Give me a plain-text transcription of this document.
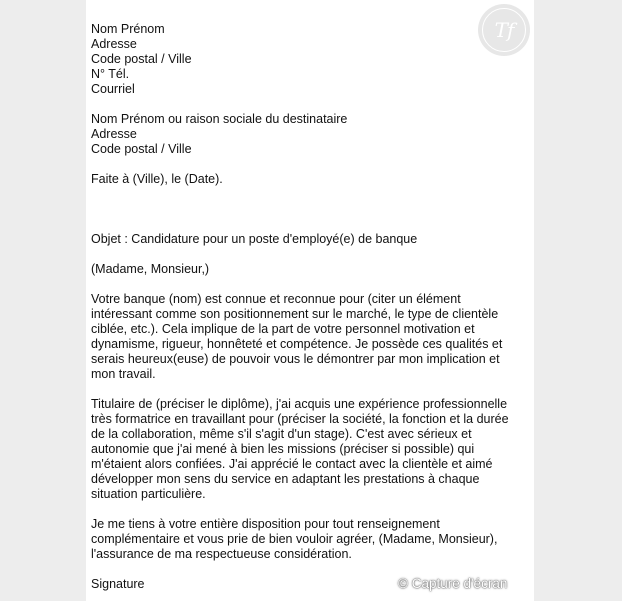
Nom Prénom
Adresse
Code postal / Ville
N° Tél.
Courriel

Nom Prénom ou raison sociale du destinataire
Adresse
Code postal / Ville

Faite à (Ville), le (Date).

Objet : Candidature pour un poste d'employé(e) de banque

(Madame, Monsieur,)

Votre banque (nom) est connue et reconnue pour (citer un élément
intéressant comme son positionnement sur le marché, le type de clientèle
ciblée, etc.). Cela implique de la part de votre personnel motivation et
dynamisme, rigueur, honnêteté et compétence. Je possède ces qualités et
serais heureux(euse) de pouvoir vous le démontrer par mon implication et
mon travail.

Titulaire de (préciser le diplôme), j'ai acquis une expérience professionnelle
très formatrice en travaillant pour (préciser la société, la fonction et la durée
de la collaboration, même s'il s'agit d'un stage). C'est avec sérieux et
autonomie que j'ai mené à bien les missions (préciser si possible) qui
m'étaient alors confiées. J'ai apprécié le contact avec la clientèle et aimé
développer mon sens du service en adaptant les prestations à chaque
situation particulière.

Je me tiens à votre entière disposition pour tout renseignement
complémentaire et vous prie de bien vouloir agréer, (Madame, Monsieur),
l'assurance de ma respectueuse considération.

Signature

Tf
© Capture d'écran
